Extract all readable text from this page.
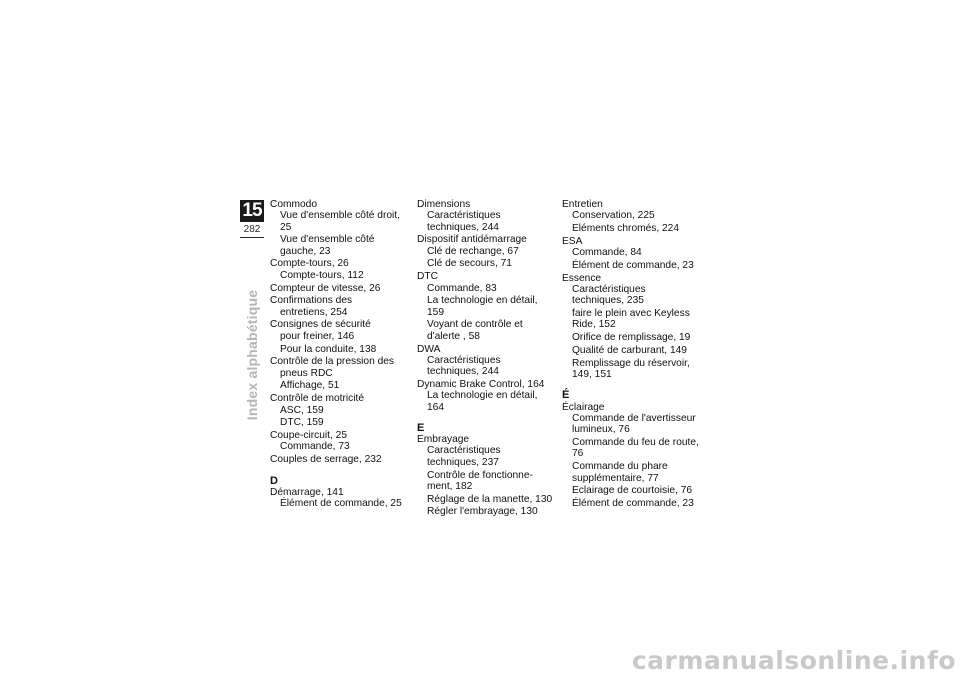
15
282
Index alphabétique
Commodo
Vue d'ensemble côté droit, 25
Vue d'ensemble côté gauche, 23
Compte-tours, 26
Compte-tours, 112
Compteur de vitesse, 26
Confirmations des
entretiens, 254
Consignes de sécurité
pour freiner, 146
Pour la conduite, 138
Contrôle de la pression des
pneus RDC
Affichage, 51
Contrôle de motricité
ASC, 159
DTC, 159
Coupe-circuit, 25
Commande, 73
Couples de serrage, 232
D
Démarrage, 141
Élément de commande, 25
Dimensions
Caractéristiques techniques, 244
Dispositif antidémarrage
Clé de rechange, 67
Clé de secours, 71
DTC
Commande, 83
La technologie en détail, 159
Voyant de contrôle et d'alerte , 58
DWA
Caractéristiques techniques, 244
Dynamic Brake Control, 164
La technologie en détail, 164
E
Embrayage
Caractéristiques techniques, 237
Contrôle de fonctionne-ment, 182
Réglage de la manette, 130
Régler l'embrayage, 130
Entretien
Conservation, 225
Eléments chromés, 224
ESA
Commande, 84
Élément de commande, 23
Essence
Caractéristiques techniques, 235
faire le plein avec Keyless Ride, 152
Orifice de remplissage, 19
Qualité de carburant, 149
Remplissage du réservoir, 149, 151
É
Éclairage
Commande de l'avertisseur lumineux, 76
Commande du feu de route, 76
Commande du phare supplémentaire, 77
Eclairage de courtoisie, 76
Élément de commande, 23
carmanualsonline.info
